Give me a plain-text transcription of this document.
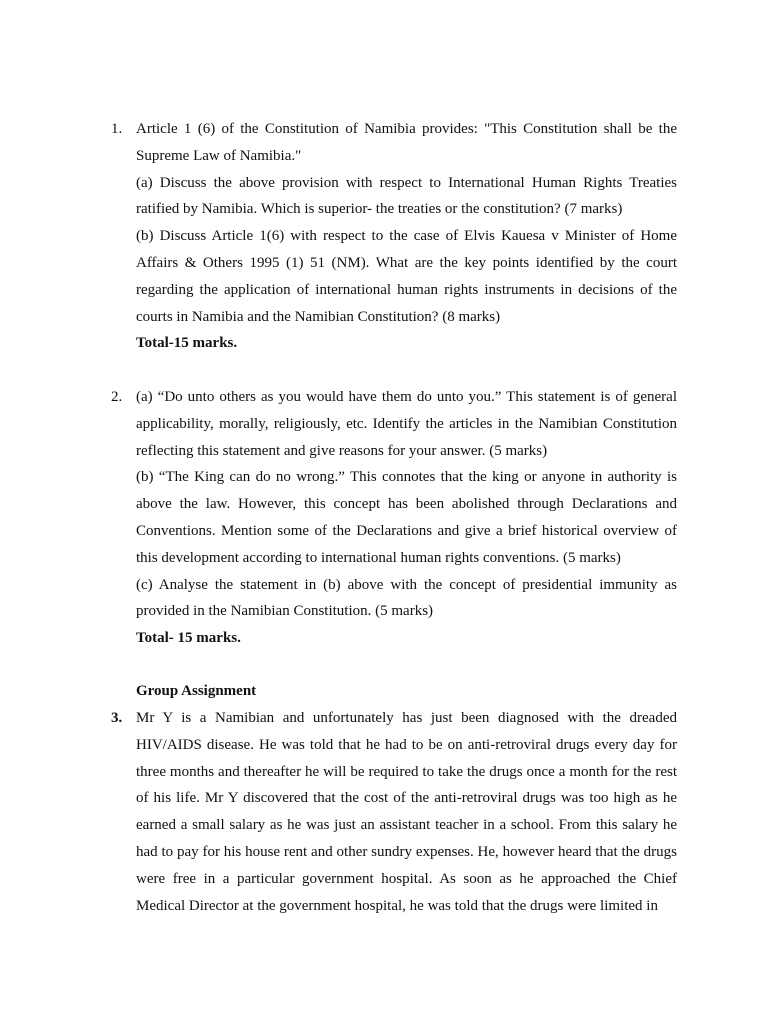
1. Article 1 (6) of the Constitution of Namibia provides: "This Constitution shall be the Supreme Law of Namibia."

(a) Discuss the above provision with respect to International Human Rights Treaties ratified by Namibia. Which is superior- the treaties or the constitution? (7 marks)

(b) Discuss Article 1(6) with respect to the case of Elvis Kauesa v Minister of Home Affairs & Others 1995 (1) 51 (NM). What are the key points identified by the court regarding the application of international human rights instruments in decisions of the courts in Namibia and the Namibian Constitution? (8 marks)

Total-15 marks.

2. (a) “Do unto others as you would have them do unto you.” This statement is of general applicability, morally, religiously, etc. Identify the articles in the Namibian Constitution reflecting this statement and give reasons for your answer. (5 marks)

(b) “The King can do no wrong.” This connotes that the king or anyone in authority is above the law. However, this concept has been abolished through Declarations and Conventions. Mention some of the Declarations and give a brief historical overview of this development according to international human rights conventions. (5 marks)

(c) Analyse the statement in (b) above with the concept of presidential immunity as provided in the Namibian Constitution. (5 marks)

Total- 15 marks.

Group Assignment
3. Mr Y is a Namibian and unfortunately has just been diagnosed with the dreaded HIV/AIDS disease. He was told that he had to be on anti-retroviral drugs every day for three months and thereafter he will be required to take the drugs once a month for the rest of his life. Mr Y discovered that the cost of the anti-retroviral drugs was too high as he earned a small salary as he was just an assistant teacher in a school. From this salary he had to pay for his house rent and other sundry expenses. He, however heard that the drugs were free in a particular government hospital. As soon as he approached the Chief Medical Director at the government hospital, he was told that the drugs were limited in
